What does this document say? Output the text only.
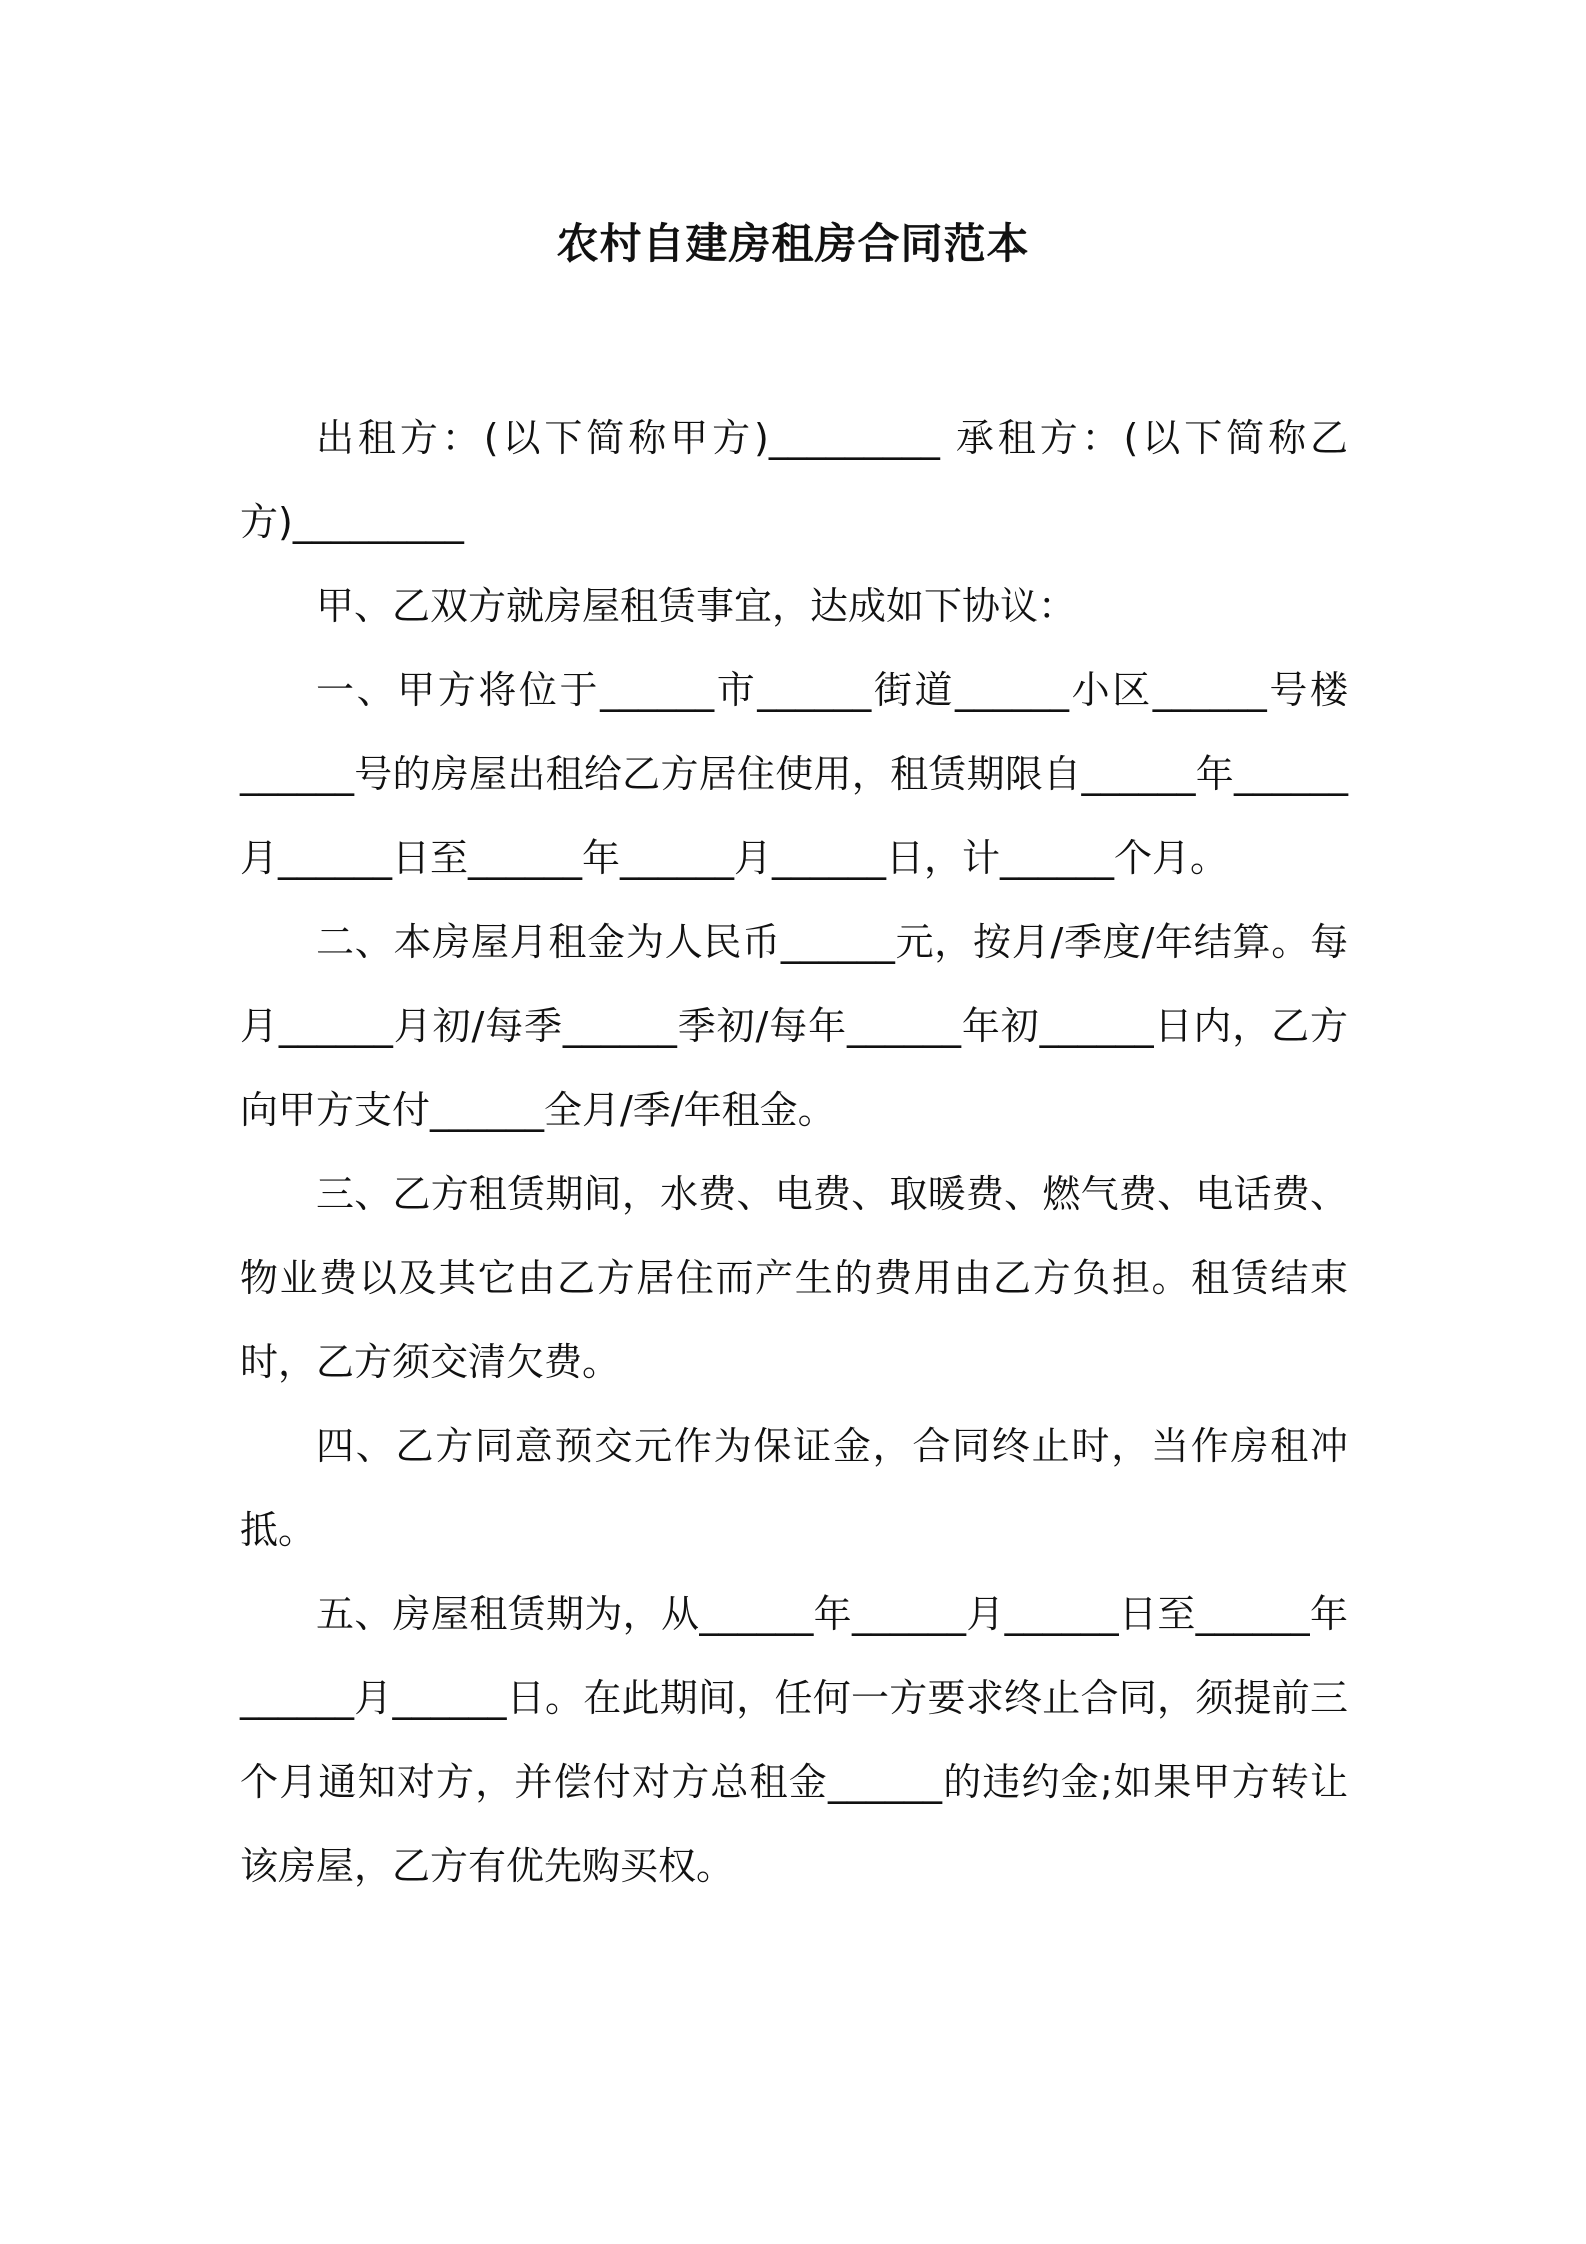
农村自建房租房合同范本

出租方：(以下简称甲方)_________ 承租方：(以下简称乙方)_________

甲、乙双方就房屋租赁事宜，达成如下协议：

一、甲方将位于______市______街道______小区______号楼______号的房屋出租给乙方居住使用，租赁期限自______年______月______日至______年______月______日，计______个月。

二、本房屋月租金为人民币______元，按月/季度/年结算。每月______月初/每季______季初/每年______年初______日内，乙方向甲方支付______全月/季/年租金。

三、乙方租赁期间，水费、电费、取暖费、燃气费、电话费、物业费以及其它由乙方居住而产生的费用由乙方负担。租赁结束时，乙方须交清欠费。

四、乙方同意预交元作为保证金，合同终止时，当作房租冲抵。

五、房屋租赁期为，从______年______月______日至______年______月______日。在此期间，任何一方要求终止合同，须提前三个月通知对方，并偿付对方总租金______的违约金;如果甲方转让该房屋，乙方有优先购买权。
